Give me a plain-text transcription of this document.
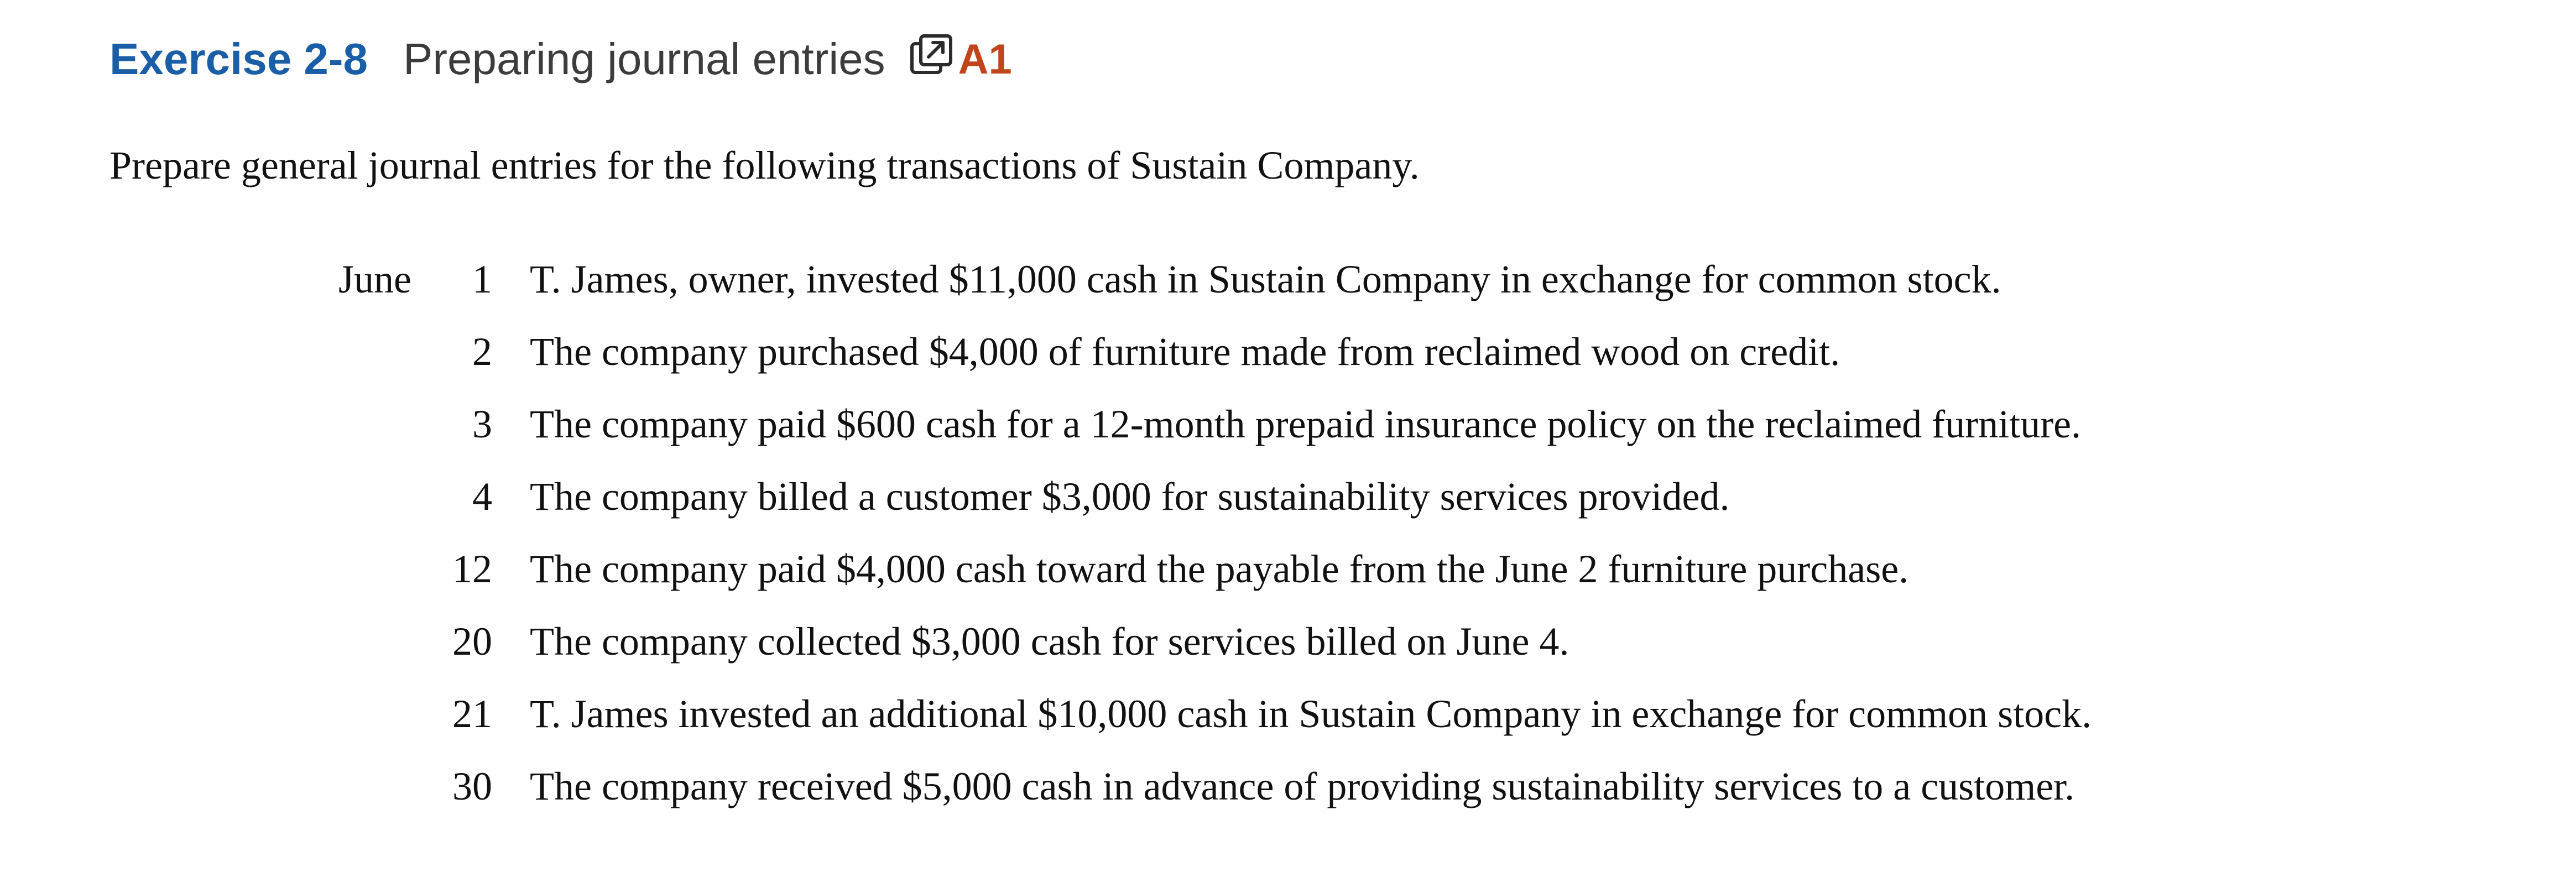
Exercise 2-8 Preparing journal entries A1
Prepare general journal entries for the following transactions of Sustain Company.
June 1 T. James, owner, invested $11,000 cash in Sustain Company in exchange for common stock.
2 The company purchased $4,000 of furniture made from reclaimed wood on credit.
3 The company paid $600 cash for a 12-month prepaid insurance policy on the reclaimed furniture.
4 The company billed a customer $3,000 for sustainability services provided.
12 The company paid $4,000 cash toward the payable from the June 2 furniture purchase.
20 The company collected $3,000 cash for services billed on June 4.
21 T. James invested an additional $10,000 cash in Sustain Company in exchange for common stock.
30 The company received $5,000 cash in advance of providing sustainability services to a customer.
